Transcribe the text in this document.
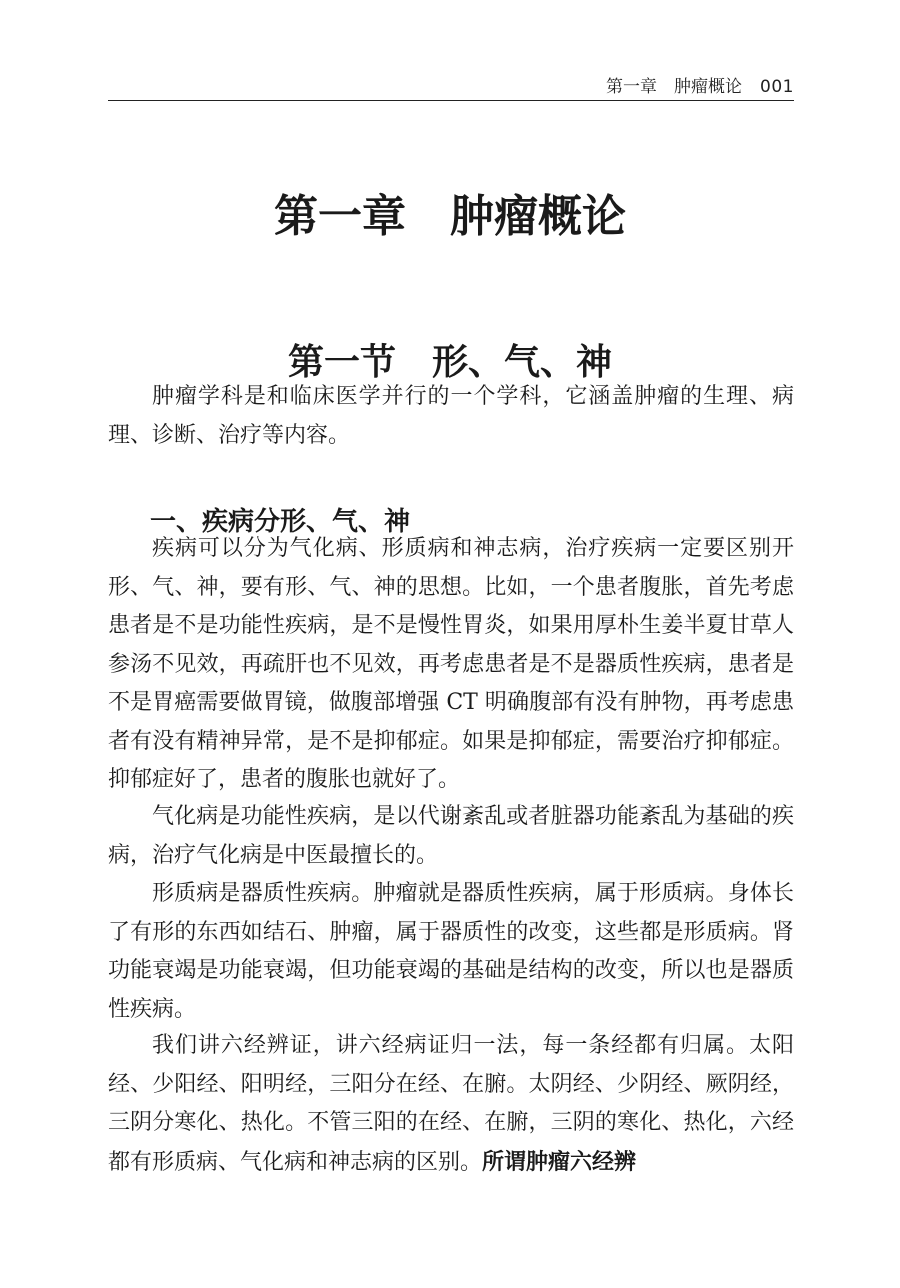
第一章　肿瘤概论 001
第一章　肿瘤概论
第一节　形、气、神

肿瘤学科是和临床医学并行的一个学科，它涵盖肿瘤的生理、病理、诊断、治疗等内容。

一、疾病分形、气、神

疾病可以分为气化病、形质病和神志病，治疗疾病一定要区别开形、气、神，要有形、气、神的思想。比如，一个患者腹胀，首先考虑患者是不是功能性疾病，是不是慢性胃炎，如果用厚朴生姜半夏甘草人参汤不见效，再疏肝也不见效，再考虑患者是不是器质性疾病，患者是不是胃癌需要做胃镜，做腹部增强 CT 明确腹部有没有肿物，再考虑患者有没有精神异常，是不是抑郁症。如果是抑郁症，需要治疗抑郁症。抑郁症好了，患者的腹胀也就好了。

气化病是功能性疾病，是以代谢紊乱或者脏器功能紊乱为基础的疾病，治疗气化病是中医最擅长的。

形质病是器质性疾病。肿瘤就是器质性疾病，属于形质病。身体长了有形的东西如结石、肿瘤，属于器质性的改变，这些都是形质病。肾功能衰竭是功能衰竭，但功能衰竭的基础是结构的改变，所以也是器质性疾病。

我们讲六经辨证，讲六经病证归一法，每一条经都有归属。太阳经、少阳经、阳明经，三阳分在经、在腑。太阴经、少阴经、厥阴经，三阴分寒化、热化。不管三阳的在经、在腑，三阴的寒化、热化，六经都有形质病、气化病和神志病的区别。所谓肿瘤六经辨
